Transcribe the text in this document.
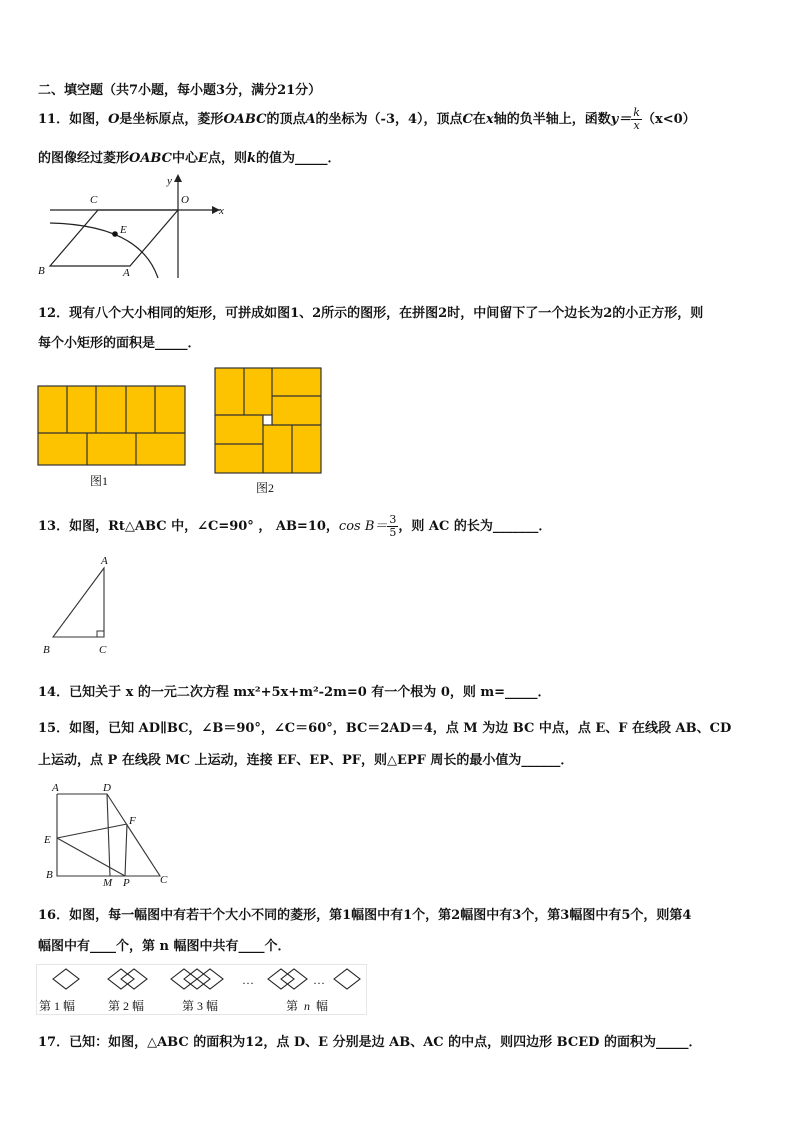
二、填空题（共7小题，每小题3分，满分21分）
11．如图，O是坐标原点，菱形OABC的顶点A的坐标为（-3，4），顶点C在x轴的负半轴上，函数$y= \frac{k}{x} (x<0)$
的图像经过菱形OABC中心E点，则k的值为_____．
C
y
O
x
E
B	A
12．现有八个大小相同的矩形，可拼成如图1、2所示的图形，在拼图2时，中间留下了一个边长为2的小正方形，则
每个小矩形的面积是_____．
图1	图2
13．如图，Rt△ABC 中，∠C=90° ， AB=10，$\cos B= \frac{3}{5}$ ，则 AC 的长为_______．
A
B	C
14．已知关于 x 的一元二次方程 mx²+5x+m²-2m=0 有一个根为 0，则 m=_____．
15．如图，已知 AD∥BC，∠B＝90°，∠C＝60°，BC＝2AD＝4，点 M 为边 BC 中点，点 E、F 在线段 AB、CD
上运动，点 P 在线段 MC 上运动，连接 EF、EP、PF，则△EPF 周长的最小值为______．
A	D
F
E
B
M P	C
16．如图，每一幅图中有若干个大小不同的菱形，第1幅图中有1个，第2幅图中有3个，第3幅图中有5个，则第4
幅图中有____个，第 n 幅图中共有____个．
…	…
第 1 幅	第 2 幅	第 3 幅	第 n 幅
17．已知：如图，△ABC 的面积为12，点 D、E 分别是边 AB、AC 的中点，则四边形 BCED 的面积为_____．
